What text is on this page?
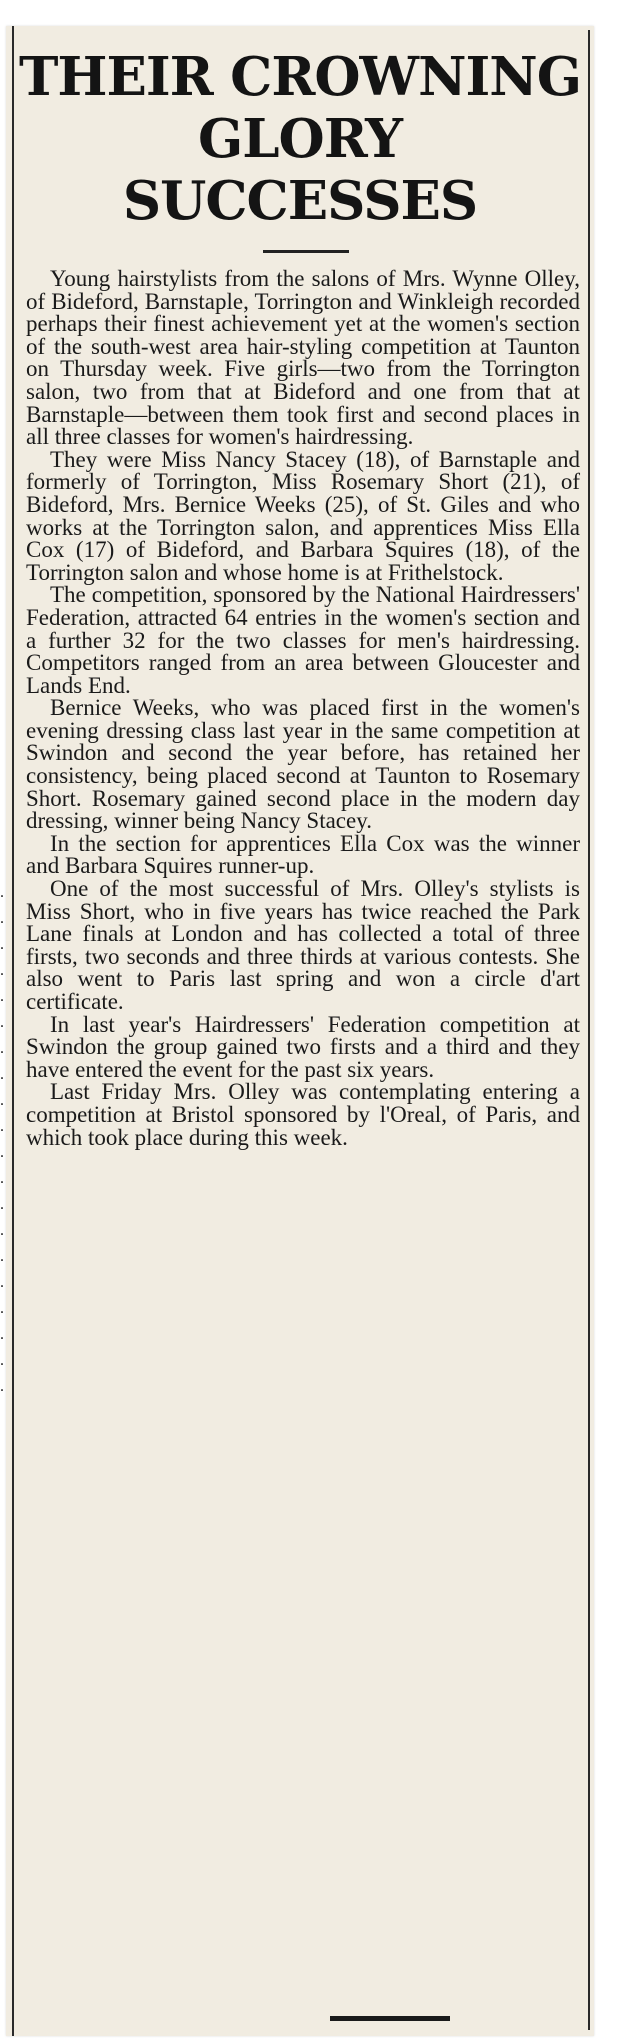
.
.
.
.
.
.
.
.
.
.
.
.
.
.
.
.
.
.
.
.
THEIR CROWNING
GLORY
SUCCESSES

Young hairstylists from the salons of Mrs. Wynne Olley, of Bideford, Barnstaple, Torrington and Winkleigh recorded perhaps their finest achievement yet at the women's section of the south-west area hair-styling competition at Taunton on Thursday week. Five girls—two from the Torrington salon, two from that at Bideford and one from that at Barnstaple—between them took first and second places in all three classes for women's hairdressing.

They were Miss Nancy Stacey (18), of Barnstaple and formerly of Torrington, Miss Rosemary Short (21), of Bideford, Mrs. Bernice Weeks (25), of St. Giles and who works at the Torrington salon, and apprentices Miss Ella Cox (17) of Bideford, and Barbara Squires (18), of the Torrington salon and whose home is at Frithelstock.

The competition, sponsored by the National Hairdressers' Federation, attracted 64 entries in the women's section and a further 32 for the two classes for men's hairdressing. Competitors ranged from an area between Gloucester and Lands End.

Bernice Weeks, who was placed first in the women's evening dressing class last year in the same competition at Swindon and second the year before, has retained her consistency, being placed second at Taunton to Rosemary Short. Rosemary gained second place in the modern day dressing, winner being Nancy Stacey.

In the section for apprentices Ella Cox was the winner and Barbara Squires runner-up.

One of the most successful of Mrs. Olley's stylists is Miss Short, who in five years has twice reached the Park Lane finals at London and has collected a total of three firsts, two seconds and three thirds at various contests. She also went to Paris last spring and won a circle d'art certificate.

In last year's Hairdressers' Federation competition at Swindon the group gained two firsts and a third and they have entered the event for the past six years.

Last Friday Mrs. Olley was contemplating entering a competition at Bristol sponsored by l'Oreal, of Paris, and which took place during this week.
